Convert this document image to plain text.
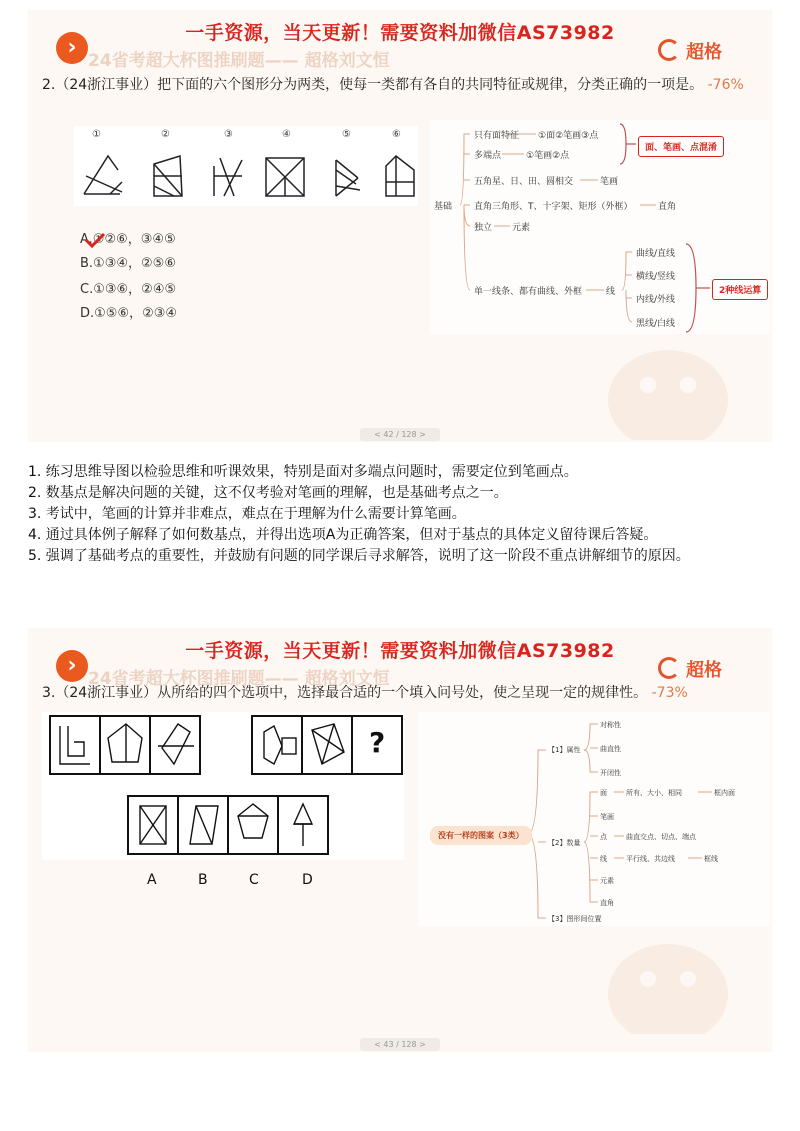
›
24省考超大杯图推刷题—— 超格刘文恒
一手资源，当天更新！需要资料加微信AS73982
超格
2.（24浙江事业）把下面的六个图形分为两类，使每一类都有各自的共同特征或规律，分类正确的一项是。 -76%
①	②	③	④	⑤	⑥
A.①②⑥，③④⑤
B.①③④，②⑤⑥
C.①③⑥，②④⑤
D.①⑤⑥，②③④
基础
只有面特征 ①面②笔画③点
面、笔画、点混淆
多端点	①笔画②点
五角星、日、田、圆相交	笔画
直角三角形、T、十字架、矩形（外框）	直角
独立 元素
单一线条、都有曲线、外框	线
曲线/直线
横线/竖线
内线/外线
黑线/白线
2种线运算
< 42 / 128 >

1. 练习思维导图以检验思维和听课效果，特别是面对多端点问题时，需要定位到笔画点。

2. 数基点是解决问题的关键，这不仅考验对笔画的理解，也是基础考点之一。

3. 考试中，笔画的计算并非难点，难点在于理解为什么需要计算笔画。

4. 通过具体例子解释了如何数基点，并得出选项A为正确答案，但对于基点的具体定义留待课后答疑。

5. 强调了基础考点的重要性，并鼓励有问题的同学课后寻求解答，说明了这一阶段不重点讲解细节的原因。

›
24省考超大杯图推刷题—— 超格刘文恒
一手资源，当天更新！需要资料加微信AS73982
超格
3.（24浙江事业）从所给的四个选项中，选择最合适的一个填入问号处，使之呈现一定的规律性。 -73%
?
没有一样的图案（3类）
【1】属性
对称性
曲直性
开闭性
【2】数量
面	所有、大小、相同	框内面
笔画
点	曲直交点、切点、端点
线	平行线、共边线	框线
元素
直角
【3】图形间位置
< 43 / 128 >
A	B	C	D
